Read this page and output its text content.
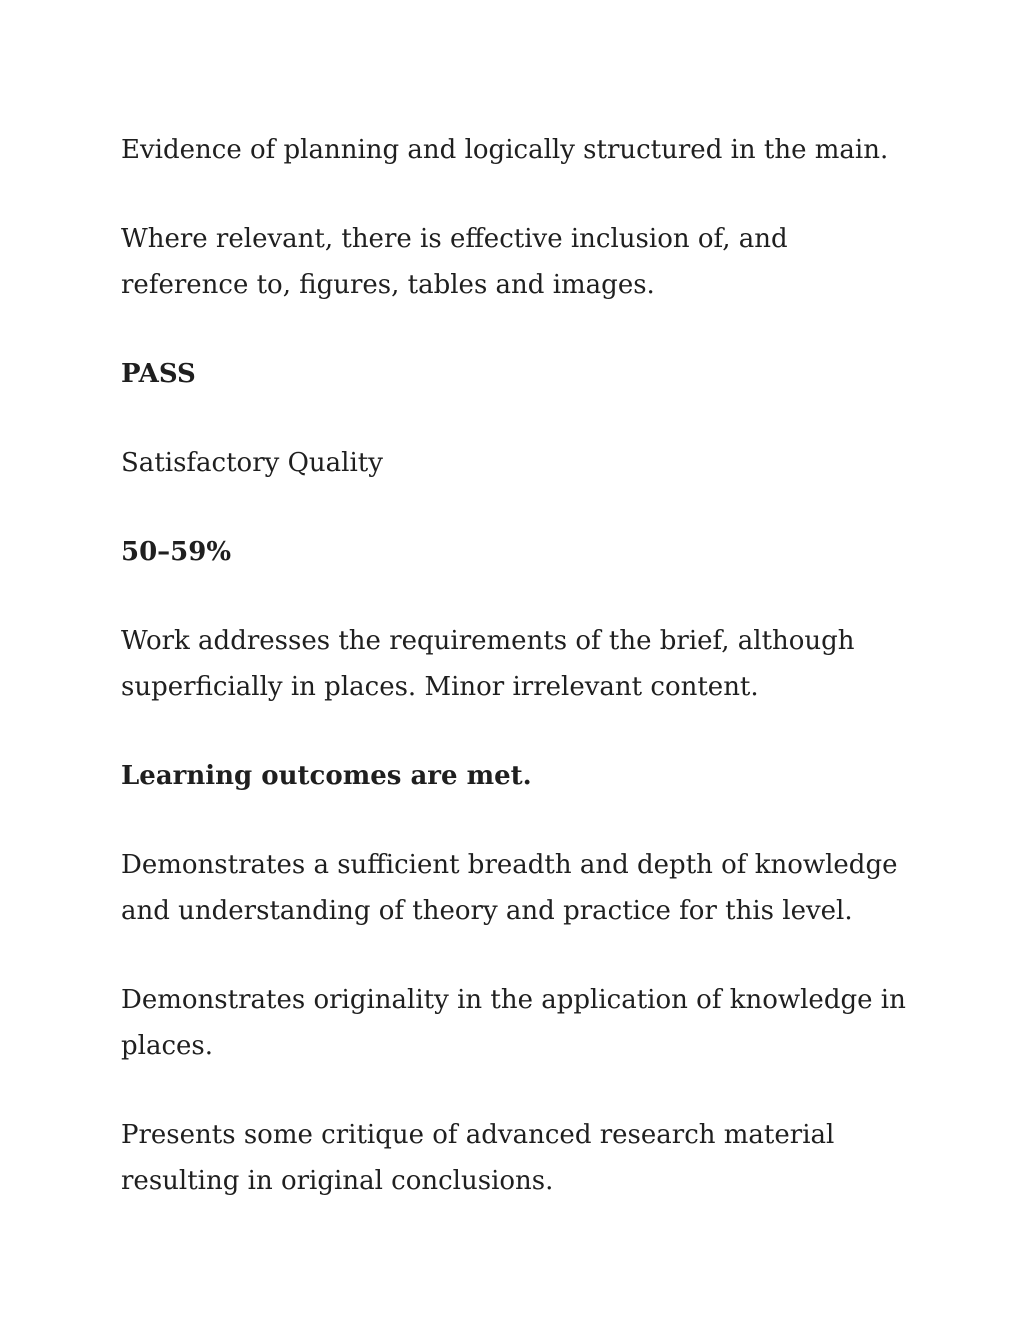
Evidence of planning and logically structured in the main.

Where relevant, there is effective inclusion of, and reference to, figures, tables and images.

PASS

Satisfactory Quality

50–59%

Work addresses the requirements of the brief, although superficially in places. Minor irrelevant content.

Learning outcomes are met.

Demonstrates a sufficient breadth and depth of knowledge and understanding of theory and practice for this level.

Demonstrates originality in the application of knowledge in places.

Presents some critique of advanced research material resulting in original conclusions.
